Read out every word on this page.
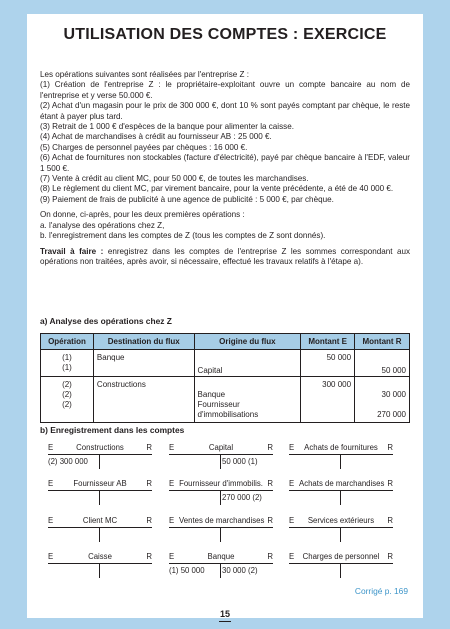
UTILISATION DES COMPTES : EXERCICE

Les opérations suivantes sont réalisées par l'entreprise Z :

(1) Création de l'entreprise Z : le propriétaire-exploitant ouvre un compte bancaire au nom de l'entreprise et y verse 50.000 €.

(2) Achat d'un magasin pour le prix de 300 000 €, dont 10 % sont payés comptant par chèque, le reste étant à payer plus tard.

(3) Retrait de 1 000 € d'espèces de la banque pour alimenter la caisse.

(4) Achat de marchandises à crédit au fournisseur AB : 25 000 €.

(5) Charges de personnel payées par chèques : 16 000 €.

(6) Achat de fournitures non stockables (facture d'électricité), payé par chèque bancaire à l'EDF, valeur 1 500 €.

(7) Vente à crédit au client MC, pour 50 000 €, de toutes les marchandises.

(8) Le règlement du client MC, par virement bancaire, pour la vente précédente, a été de 40 000 €.

(9) Paiement de frais de publicité à une agence de publicité : 5 000 €, par chèque.

On donne, ci-après, pour les deux premières opérations :

a. l'analyse des opérations chez Z,

b. l'enregistrement dans les comptes de Z (tous les comptes de Z sont donnés).

Travail à faire : enregistrez dans les comptes de l'entreprise Z les sommes correspondant aux opérations non traitées, après avoir, si nécessaire, effectué les travaux relatifs à l'étape a).

a) Analyse des opérations chez Z
Opération	Destination du flux	Origine du flux	Montant E	Montant R
(1)	Banque		50 000	
(1)		Capital		50 000
(2)	Constructions		300 000	
(2)		Banque		30 000
(2)		Fournisseur		
		d'immobilisations		270 000
b) Enregistrement dans les comptes
E	Constructions	R
(2) 300 000
E	Capital	R
50 000 (1)
E	Achats de fournitures	R
E	Fournisseur AB	R E Fournisseur d'immobilis. R
270 000 (2)
E Achats de marchandises R
E	Client MC	R E Ventes de marchandises R E	Services extérieurs	R
E	Caisse	R E	Banque	R
(1) 50 000	30 000 (2)
E	Charges de personnel	R
Corrigé p. 169
15
